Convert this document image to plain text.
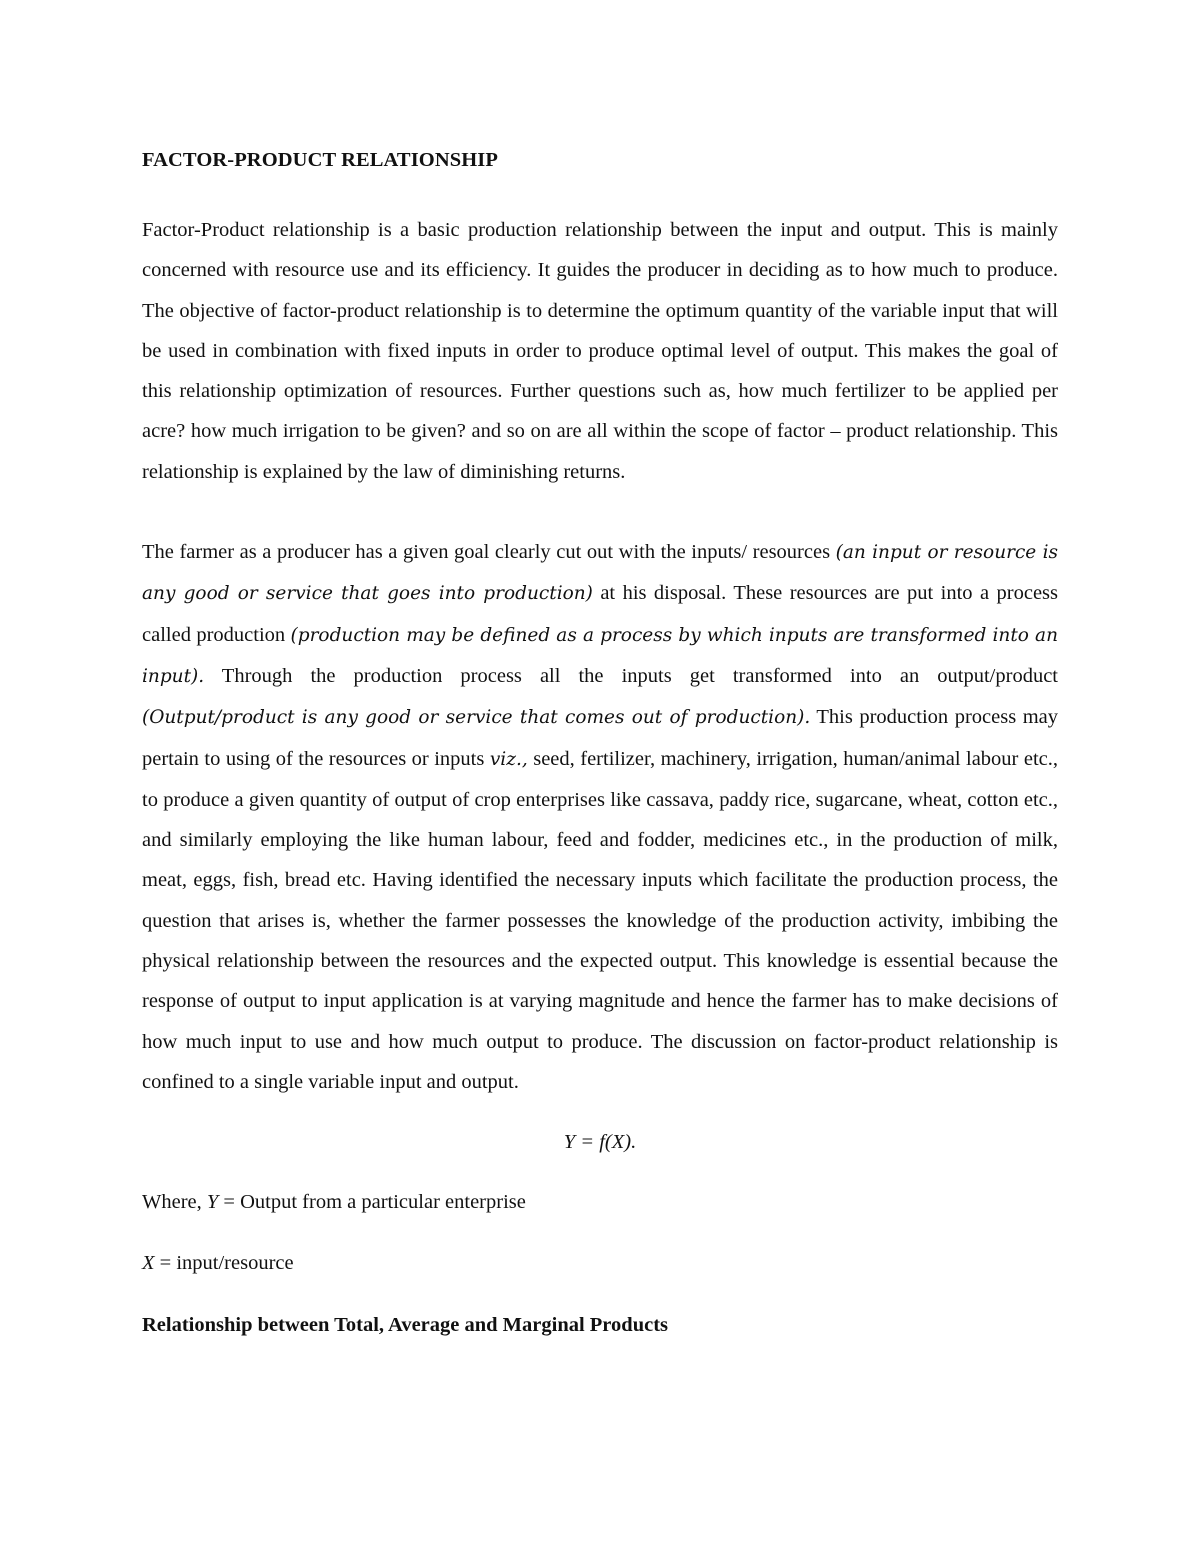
FACTOR-PRODUCT RELATIONSHIP

Factor-Product relationship is a basic production relationship between the input and output. This is mainly concerned with resource use and its efficiency. It guides the producer in deciding as to how much to produce. The objective of factor-product relationship is to determine the optimum quantity of the variable input that will be used in combination with fixed inputs in order to produce optimal level of output. This makes the goal of this relationship optimization of resources. Further questions such as, how much fertilizer to be applied per acre? how much irrigation to be given? and so on are all within the scope of factor – product relationship. This relationship is explained by the law of diminishing returns.

The farmer as a producer has a given goal clearly cut out with the inputs/ resources (an input or resource is any good or service that goes into production) at his disposal. These resources are put into a process called production (production may be defined as a process by which inputs are transformed into an input). Through the production process all the inputs get transformed into an output/product (Output/product is any good or service that comes out of production). This production process may pertain to using of the resources or inputs viz., seed, fertilizer, machinery, irrigation, human/animal labour etc., to produce a given quantity of output of crop enterprises like cassava, paddy rice, sugarcane, wheat, cotton etc., and similarly employing the like human labour, feed and fodder, medicines etc., in the production of milk, meat, eggs, fish, bread etc. Having identified the necessary inputs which facilitate the production process, the question that arises is, whether the farmer possesses the knowledge of the production activity, imbibing the physical relationship between the resources and the expected output. This knowledge is essential because the response of output to input application is at varying magnitude and hence the farmer has to make decisions of how much input to use and how much output to produce. The discussion on factor-product relationship is confined to a single variable input and output.

Y = f(X).
Where, Y = Output from a particular enterprise
X = input/resource
Relationship between Total, Average and Marginal Products
